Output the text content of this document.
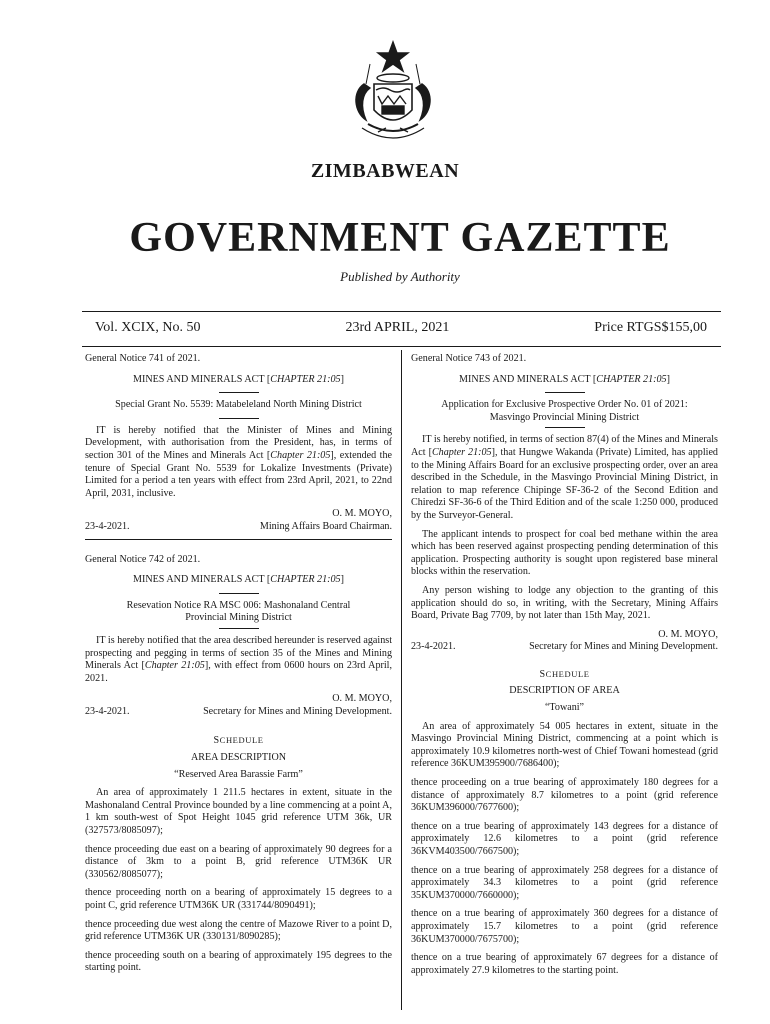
ZIMBABWEAN
GOVERNMENT GAZETTE
Published by Authority
Vol. XCIX, No. 50	23rd APRIL, 2021	Price RTGS$155,00
General Notice 741 of 2021.
MINES AND MINERALS ACT [CHAPTER 21:05]

Special Grant No. 5539: Matabeleland North Mining District

IT is hereby notified that the Minister of Mines and Mining Development, with authorisation from the President, has, in terms of section 301 of the Mines and Minerals Act [Chapter 21:05], extended the tenure of Special Grant No. 5539 for Lokalize Investments (Private) Limited for a period a ten years with effect from 23rd April, 2021, to 22nd April, 2031, inclusive.

O. M. MOYO,

23-4-2021.	Mining Affairs Board Chairman.
General Notice 742 of 2021.
MINES AND MINERALS ACT [CHAPTER 21:05]
Resevation Notice RA MSC 006: Mashonaland Central
Provincial Mining District

IT is hereby notified that the area described hereunder is reserved against prospecting and pegging in terms of section 35 of the Mines and Mining Minerals Act [Chapter 21:05], with effect from 0600 hours on 23rd April, 2021.

O. M. MOYO,

23-4-2021.	Secretary for Mines and Mining Development.
SCHEDULE
AREA DESCRIPTION
“Reserved Area Barassie Farm”

An area of approximately 1 211.5 hectares in extent, situate in the Mashonaland Central Province bounded by a line commencing at a point A, 1 km south-west of Spot Height 1045 grid reference UTM 36k, UR (327573/8085097);

thence proceeding due east on a bearing of approximately 90 degrees for a distance of 3km to a point B, grid reference UTM36K UR (330562/8085077);

thence proceeding north on a bearing of approximately 15 degrees to a point C, grid reference UTM36K UR (331744/8090491);

thence proceeding due west along the centre of Mazowe River to a point D, grid reference UTM36K UR (330131/8090285);

thence proceeding south on a bearing of approximately 195 degrees to the starting point.

General Notice 743 of 2021.
MINES AND MINERALS ACT [CHAPTER 21:05]
Application for Exclusive Prospective Order No. 01 of 2021:
Masvingo Provincial Mining District

IT is hereby notified, in terms of section 87(4) of the Mines and Minerals Act [Chapter 21:05], that Hungwe Wakanda (Private) Limited, has applied to the Mining Affairs Board for an exclusive prospecting order, over an area described in the Schedule, in the Masvingo Provincial Mining District, in relation to map reference Chipinge SF-36-2 of the Second Edition and Chiredzi SF-36-6 of the Third Edition and of the scale 1:250 000, produced by the Surveyor-General.

The applicant intends to prospect for coal bed methane within the area which has been reserved against prospecting pending determination of this application. Prospecting authority is sought upon registered base mineral blocks within the reservation.

Any person wishing to lodge any objection to the granting of this application should do so, in writing, with the Secretary, Mining Affairs Board, Private Bag 7709, by not later than 15th May, 2021.

O. M. MOYO,

23-4-2021.	Secretary for Mines and Mining Development.
SCHEDULE
DESCRIPTION OF AREA
“Towani”

An area of approximately 54 005 hectares in extent, situate in the Masvingo Provincial Mining District, commencing at a point which is approximately 10.9 kilometres north-west of Chief Towani homestead (grid reference 36KUM395900/7686400);

thence proceeding on a true bearing of approximately 180 degrees for a distance of approximately 8.7 kilometres to a point (grid reference 36KUM396000/7677600);

thence on a true bearing of approximately 143 degrees for a distance of approximately 12.6 kilometres to a point (grid reference 36KVM403500/7667500);

thence on a true bearing of approximately 258 degrees for a distance of approximately 34.3 kilometres to a point (grid reference 35KUM370000/7660000);

thence on a true bearing of approximately 360 degrees for a distance of approximately 15.7 kilometres to a point (grid reference 36KUM370000/7675700);

thence on a true bearing of approximately 67 degrees for a distance of approximately 27.9 kilometres to the starting point.
